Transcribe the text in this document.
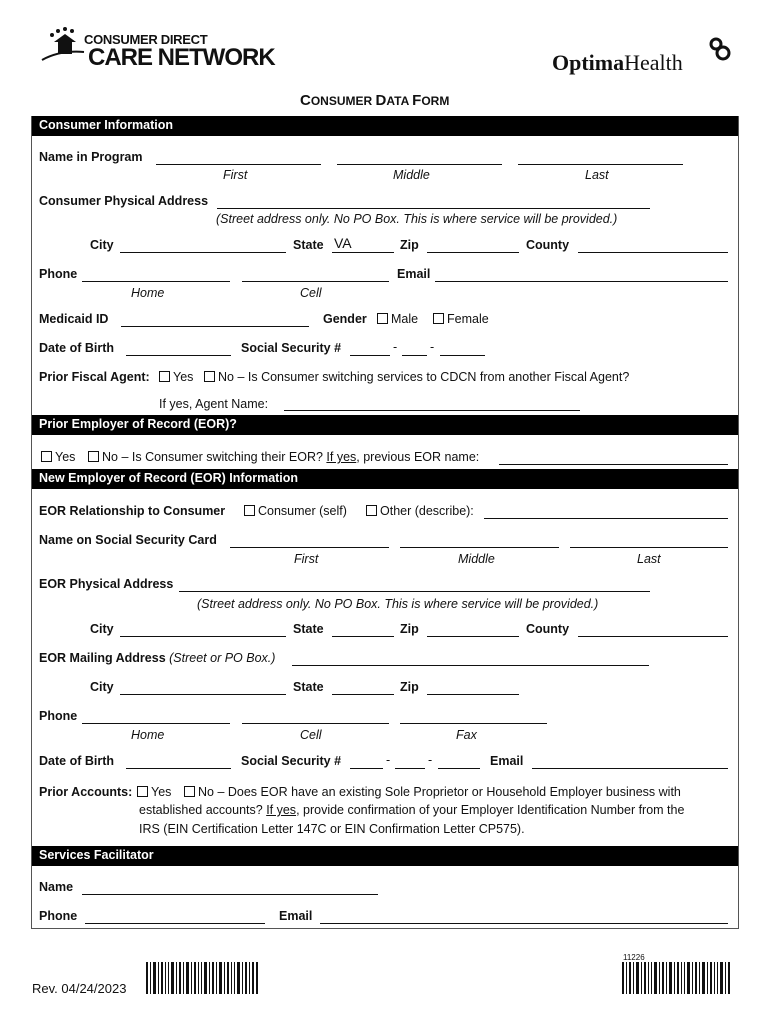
CONSUMER DIRECT
CARE NETWORK	OptimaHealth
CONSUMER DATA FORM
Consumer Information
Name in Program
First	Middle	Last
Consumer Physical Address
(Street address only. No PO Box. This is where service will be provided.)
City	State VA	Zip	County
Phone	Email
Home	Cell
Medicaid ID	Gender	Male	Female
Date of Birth	Social Security #	-	-
Prior Fiscal Agent:	Yes	No – Is Consumer switching services to CDCN from another Fiscal Agent?
If yes, Agent Name:
Prior Employer of Record (EOR)?
Yes	No – Is Consumer switching their EOR? If yes, previous EOR name:
New Employer of Record (EOR) Information
EOR Relationship to Consumer	Consumer (self)	Other (describe):
Name on Social Security Card
First	Middle	Last
EOR Physical Address
(Street address only. No PO Box. This is where service will be provided.)
City	State	Zip	County
EOR Mailing Address (Street or PO Box.)
City	State	Zip
Phone
Home	Cell	Fax
Date of Birth	Social Security #	-	-	Email
Prior Accounts:	Yes	No – Does EOR have an existing Sole Proprietor or Household Employer business with
established accounts? If yes, provide confirmation of your Employer Identification Number from the
IRS (EIN Certification Letter 147C or EIN Confirmation Letter CP575).
Services Facilitator
Name
Phone	Email
Rev. 04/24/2023
11226
